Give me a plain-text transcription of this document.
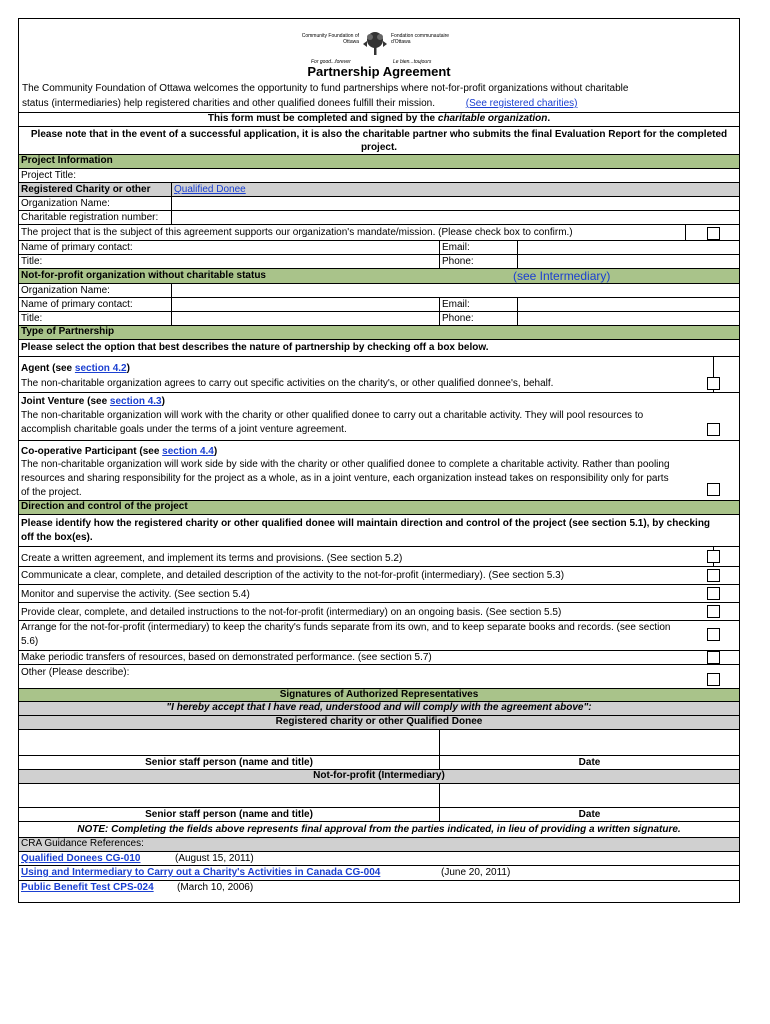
Community Foundation of Ottawa
Fondation communautaire d'Ottawa
For good...forever	Le bien...toujours
Partnership Agreement
The Community Foundation of Ottawa welcomes the opportunity to fund partnerships where not-for-profit organizations without charitable
status (intermediaries) help registered charities and other qualified donees fulfill their mission.	(See registered charities)
This form must be completed and signed by the charitable organization.
Please note that in the event of a successful application, it is also the charitable partner who submits the final Evaluation Report for the completed project.
Project Information
Project Title:
Registered Charity or other	Qualified Donee
Organization Name:
Charitable registration number:
The project that is the subject of this agreement supports our organization's mandate/mission. (Please check box to confirm.)
Name of primary contact:	Email:
Title:	Phone:
Not-for-profit organization without charitable status	(see Intermediary)
Organization Name:
Name of primary contact:	Email:
Title:	Phone:
Type of Partnership
Please select the option that best describes the nature of partnership by checking off a box below.
Agent (see section 4.2)
The non-charitable organization agrees to carry out specific activities on the charity's, or other qualified donnee's, behalf.
Joint Venture (see section 4.3)
The non-charitable organization will work with the charity or other qualified donee to carry out a charitable activity. They will pool resources to
accomplish charitable goals under the terms of a joint venture agreement.
Co-operative Participant (see section 4.4)
The non-charitable organization will work side by side with the charity or other qualified donee to complete a charitable activity. Rather than pooling
resources and sharing responsibility for the project as a whole, as in a joint venture, each organization instead takes on responsibility only for parts
of the project.
Direction and control of the project
Please identify how the registered charity or other qualified donee will maintain direction and control of the project (see section 5.1), by checking
off the box(es).
Create a written agreement, and implement its terms and provisions. (See section 5.2)
Communicate a clear, complete, and detailed description of the activity to the not-for-profit (intermediary). (See section 5.3)
Monitor and supervise the activity. (See section 5.4)
Provide clear, complete, and detailed instructions to the not-for-profit (intermediary) on an ongoing basis. (See section 5.5)
Arrange for the not-for-profit (intermediary) to keep the charity's funds separate from its own, and to keep separate books and records. (see section
5.6)
Make periodic transfers of resources, based on demonstrated performance. (see section 5.7)
Other (Please describe):
Signatures of Authorized Representatives
"I hereby accept that I have read, understood and will comply with the agreement above":
Registered charity or other Qualified Donee
Senior staff person (name and title)	Date
Not-for-profit (Intermediary)
Senior staff person (name and title)	Date
NOTE: Completing the fields above represents final approval from the parties indicated, in lieu of providing a written signature.
CRA Guidance References:
Qualified Donees CG-010	(August 15, 2011)
Using and Intermediary to Carry out a Charity's Activities in Canada CG-004	(June 20, 2011)
Public Benefit Test CPS-024 (March 10, 2006)
